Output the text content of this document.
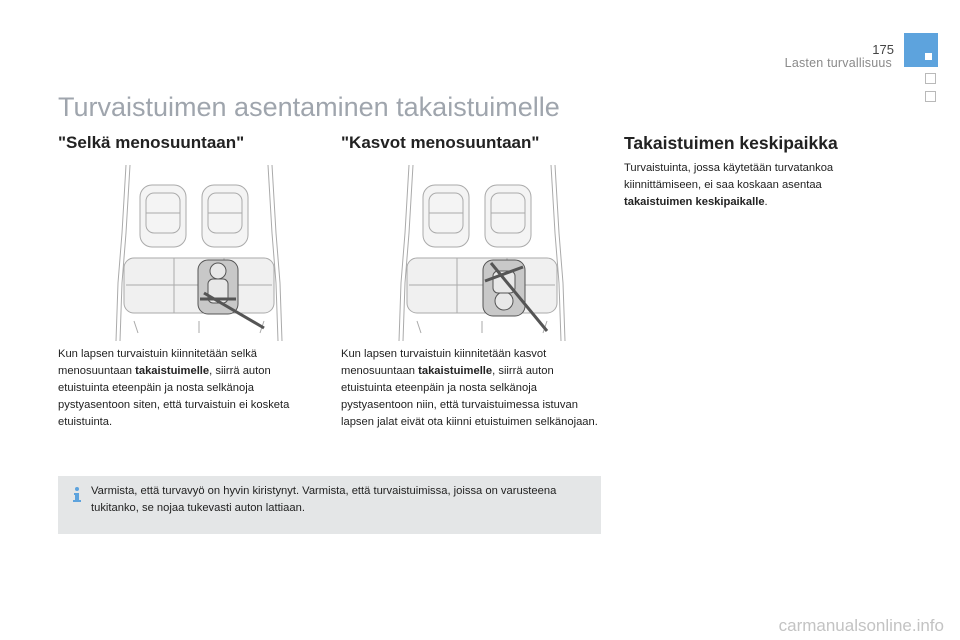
175
Lasten turvallisuus
Turvaistuimen asentaminen takaistuimelle
"Selkä menosuuntaan"

Kun lapsen turvaistuin kiinnitetään selkä menosuuntaan takaistuimelle, siirrä auton etuistuinta eteenpäin ja nosta selkänoja pystyasentoon siten, että turvaistuin ei kosketa etuistuinta.

"Kasvot menosuuntaan"

Kun lapsen turvaistuin kiinnitetään kasvot menosuuntaan takaistuimelle, siirrä auton etuistuinta eteenpäin ja nosta selkänoja pystyasentoon niin, että turvaistuimessa istuvan lapsen jalat eivät ota kiinni etuistuimen selkänojaan.

Takaistuimen keskipaikka

Turvaistuinta, jossa käytetään turvatankoa kiinnittämiseen, ei saa koskaan asentaa takaistuimen keskipaikalle.

Varmista, että turvavyö on hyvin kiristynyt. Varmista, että turvaistuimissa, joissa on varusteena tukitanko, se nojaa tukevasti auton lattiaan.

carmanualsonline.info
